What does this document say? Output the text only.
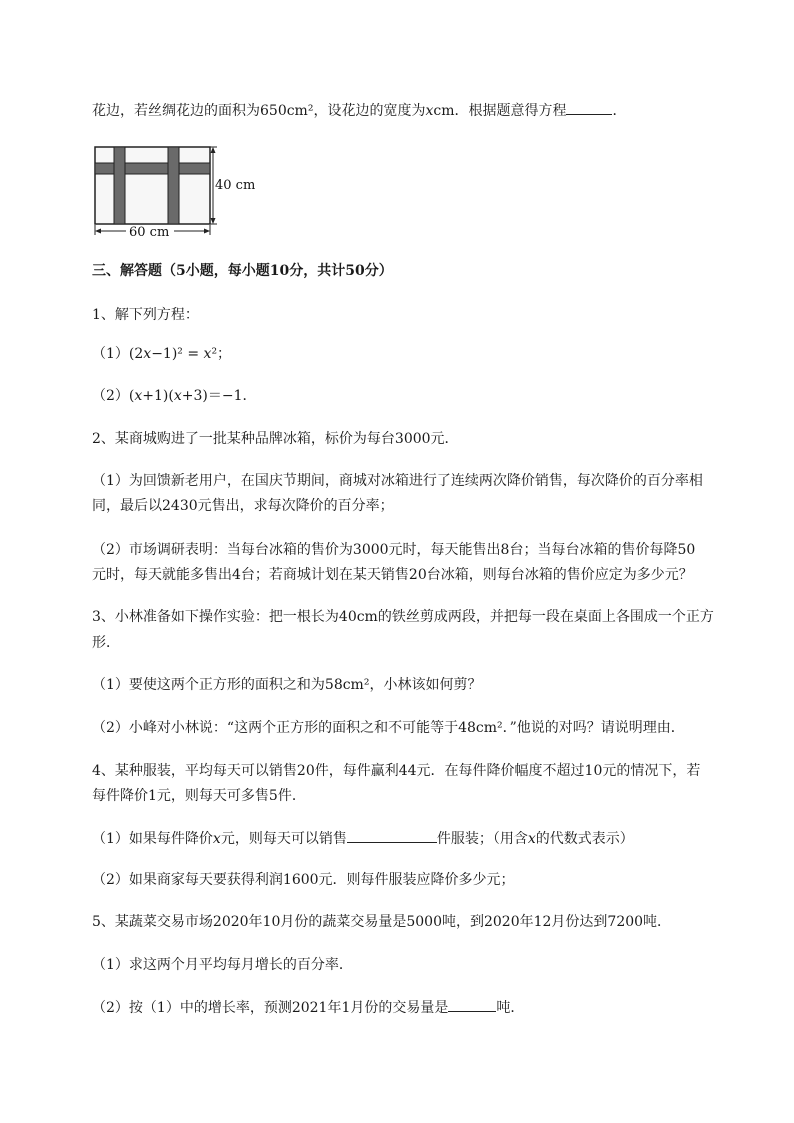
花边，若丝绸花边的面积为650cm²，设花边的宽度为xcm．根据题意得方程	．
40 cm
60 cm
三、解答题（5小题，每小题10分，共计50分）
1、解下列方程：
（1）(2x−1)² = x²；
（2）(x+1)(x+3)＝−1．
2、某商城购进了一批某种品牌冰箱，标价为每台3000元．
（1）为回馈新老用户，在国庆节期间，商城对冰箱进行了连续两次降价销售，每次降价的百分率相
同，最后以2430元售出，求每次降价的百分率；
（2）市场调研表明：当每台冰箱的售价为3000元时，每天能售出8台；当每台冰箱的售价每降50
元时，每天就能多售出4台；若商城计划在某天销售20台冰箱，则每台冰箱的售价应定为多少元？
3、小林准备如下操作实验：把一根长为40cm的铁丝剪成两段，并把每一段在桌面上各围成一个正方
形．
（1）要使这两个正方形的面积之和为58cm²，小林该如何剪？
（2）小峰对小林说：“这两个正方形的面积之和不可能等于48cm²．”他说的对吗？请说明理由．
4、某种服装，平均每天可以销售20件，每件赢利44元．在每件降价幅度不超过10元的情况下，若
每件降价1元，则每天可多售5件．
（1）如果每件降价x元，则每天可以销售	件服装；（用含x的代数式表示）
（2）如果商家每天要获得利润1600元．则每件服装应降价多少元；
5、某蔬菜交易市场2020年10月份的蔬菜交易量是5000吨，到2020年12月份达到7200吨．
（1）求这两个月平均每月增长的百分率．
（2）按（1）中的增长率，预测2021年1月份的交易量是	吨．
